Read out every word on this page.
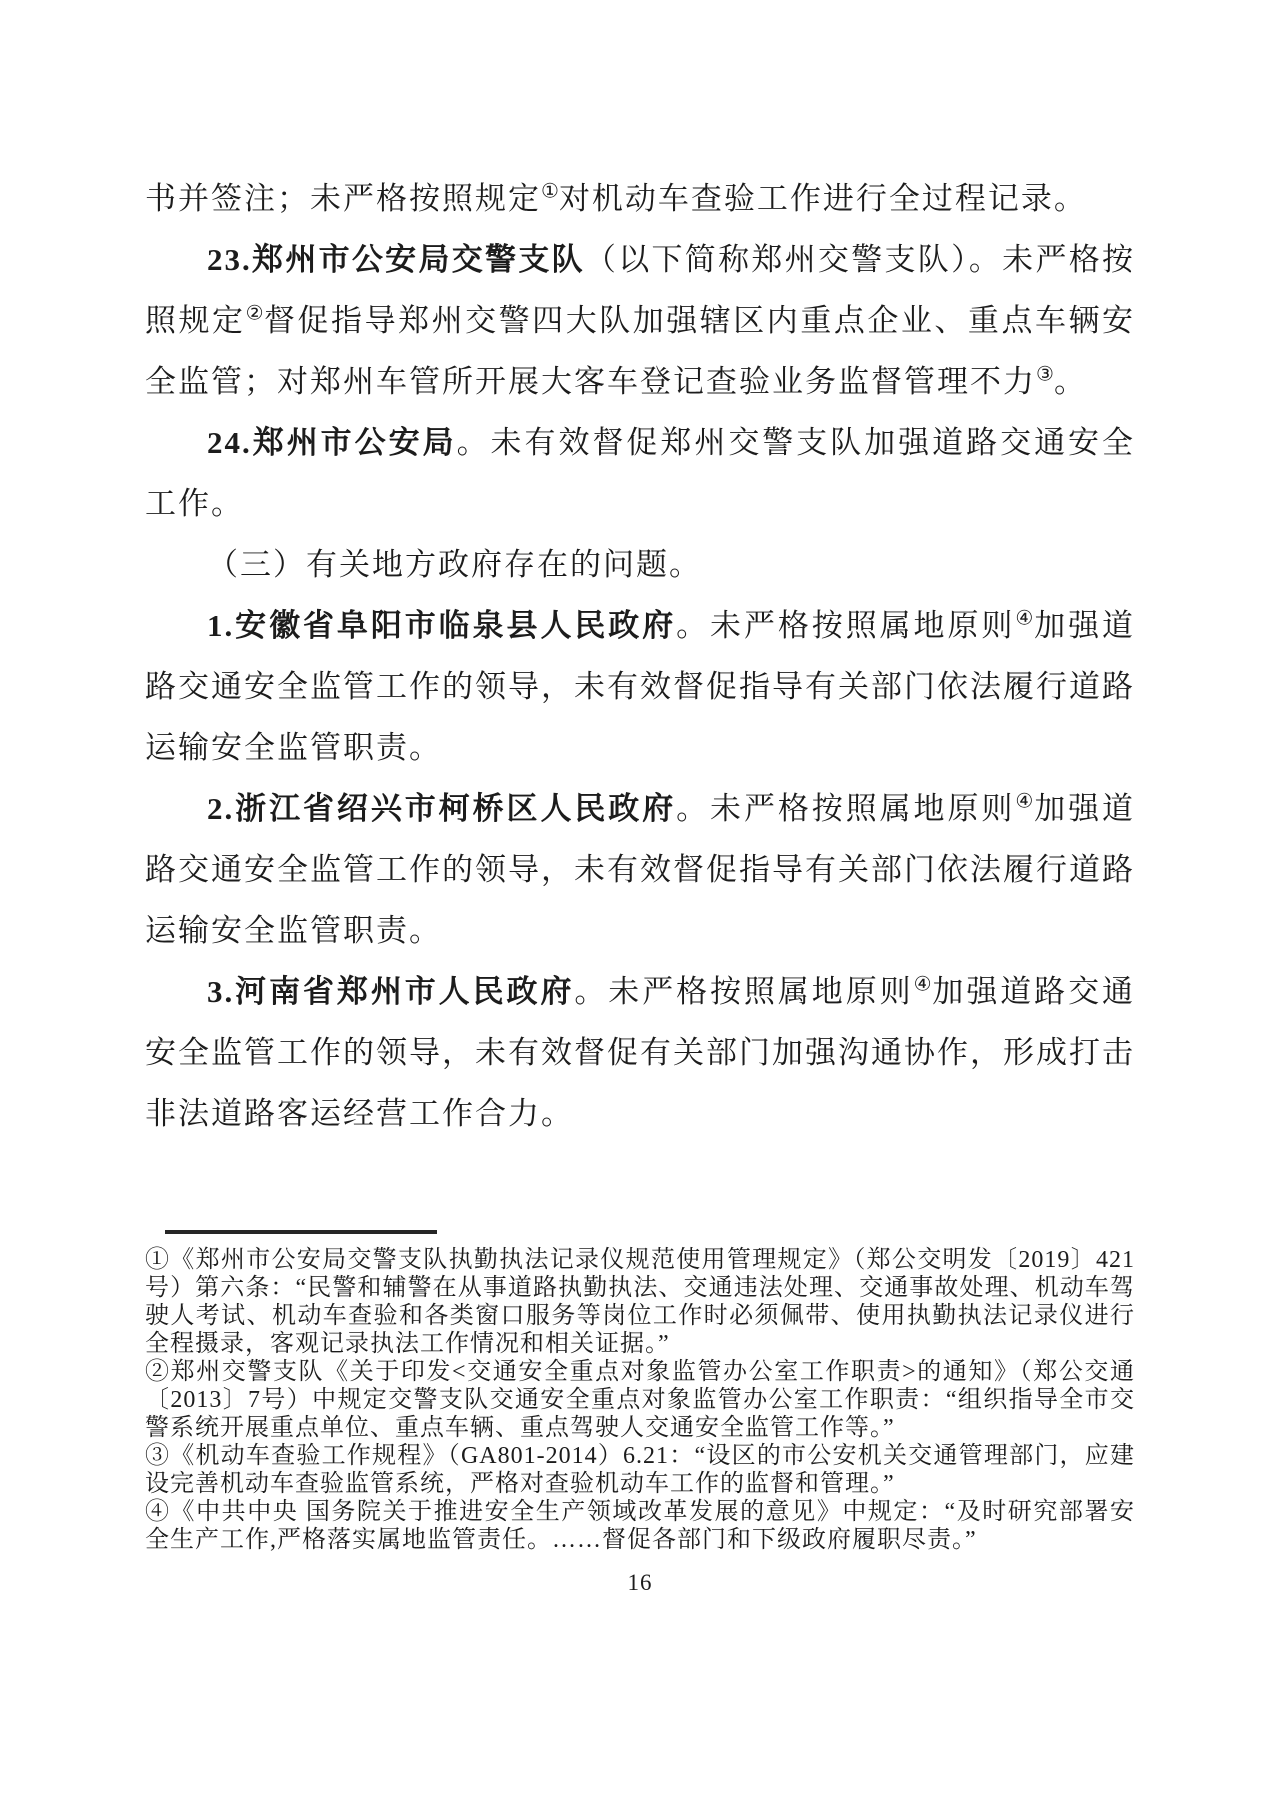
书并签注；未严格按照规定①对机动车查验工作进行全过程记录。

23.郑州市公安局交警支队（以下简称郑州交警支队）。未严格按照规定②督促指导郑州交警四大队加强辖区内重点企业、重点车辆安全监管；对郑州车管所开展大客车登记查验业务监督管理不力③。

24.郑州市公安局。未有效督促郑州交警支队加强道路交通安全工作。

（三）有关地方政府存在的问题。

1.安徽省阜阳市临泉县人民政府。未严格按照属地原则④加强道路交通安全监管工作的领导，未有效督促指导有关部门依法履行道路运输安全监管职责。

2.浙江省绍兴市柯桥区人民政府。未严格按照属地原则④加强道路交通安全监管工作的领导，未有效督促指导有关部门依法履行道路运输安全监管职责。

3.河南省郑州市人民政府。未严格按照属地原则④加强道路交通安全监管工作的领导，未有效督促有关部门加强沟通协作，形成打击非法道路客运经营工作合力。

①《郑州市公安局交警支队执勤执法记录仪规范使用管理规定》（郑公交明发〔2019〕421号）第六条：“民警和辅警在从事道路执勤执法、交通违法处理、交通事故处理、机动车驾驶人考试、机动车查验和各类窗口服务等岗位工作时必须佩带、使用执勤执法记录仪进行全程摄录，客观记录执法工作情况和相关证据。”

②郑州交警支队《关于印发<交通安全重点对象监管办公室工作职责>的通知》（郑公交通〔2013〕7号）中规定交警支队交通安全重点对象监管办公室工作职责：“组织指导全市交警系统开展重点单位、重点车辆、重点驾驶人交通安全监管工作等。”

③《机动车查验工作规程》（GA801-2014）6.21：“设区的市公安机关交通管理部门，应建设完善机动车查验监管系统，严格对查验机动车工作的监督和管理。”

④《中共中央 国务院关于推进安全生产领域改革发展的意见》中规定：“及时研究部署安全生产工作,严格落实属地监管责任。……督促各部门和下级政府履职尽责。”

16
